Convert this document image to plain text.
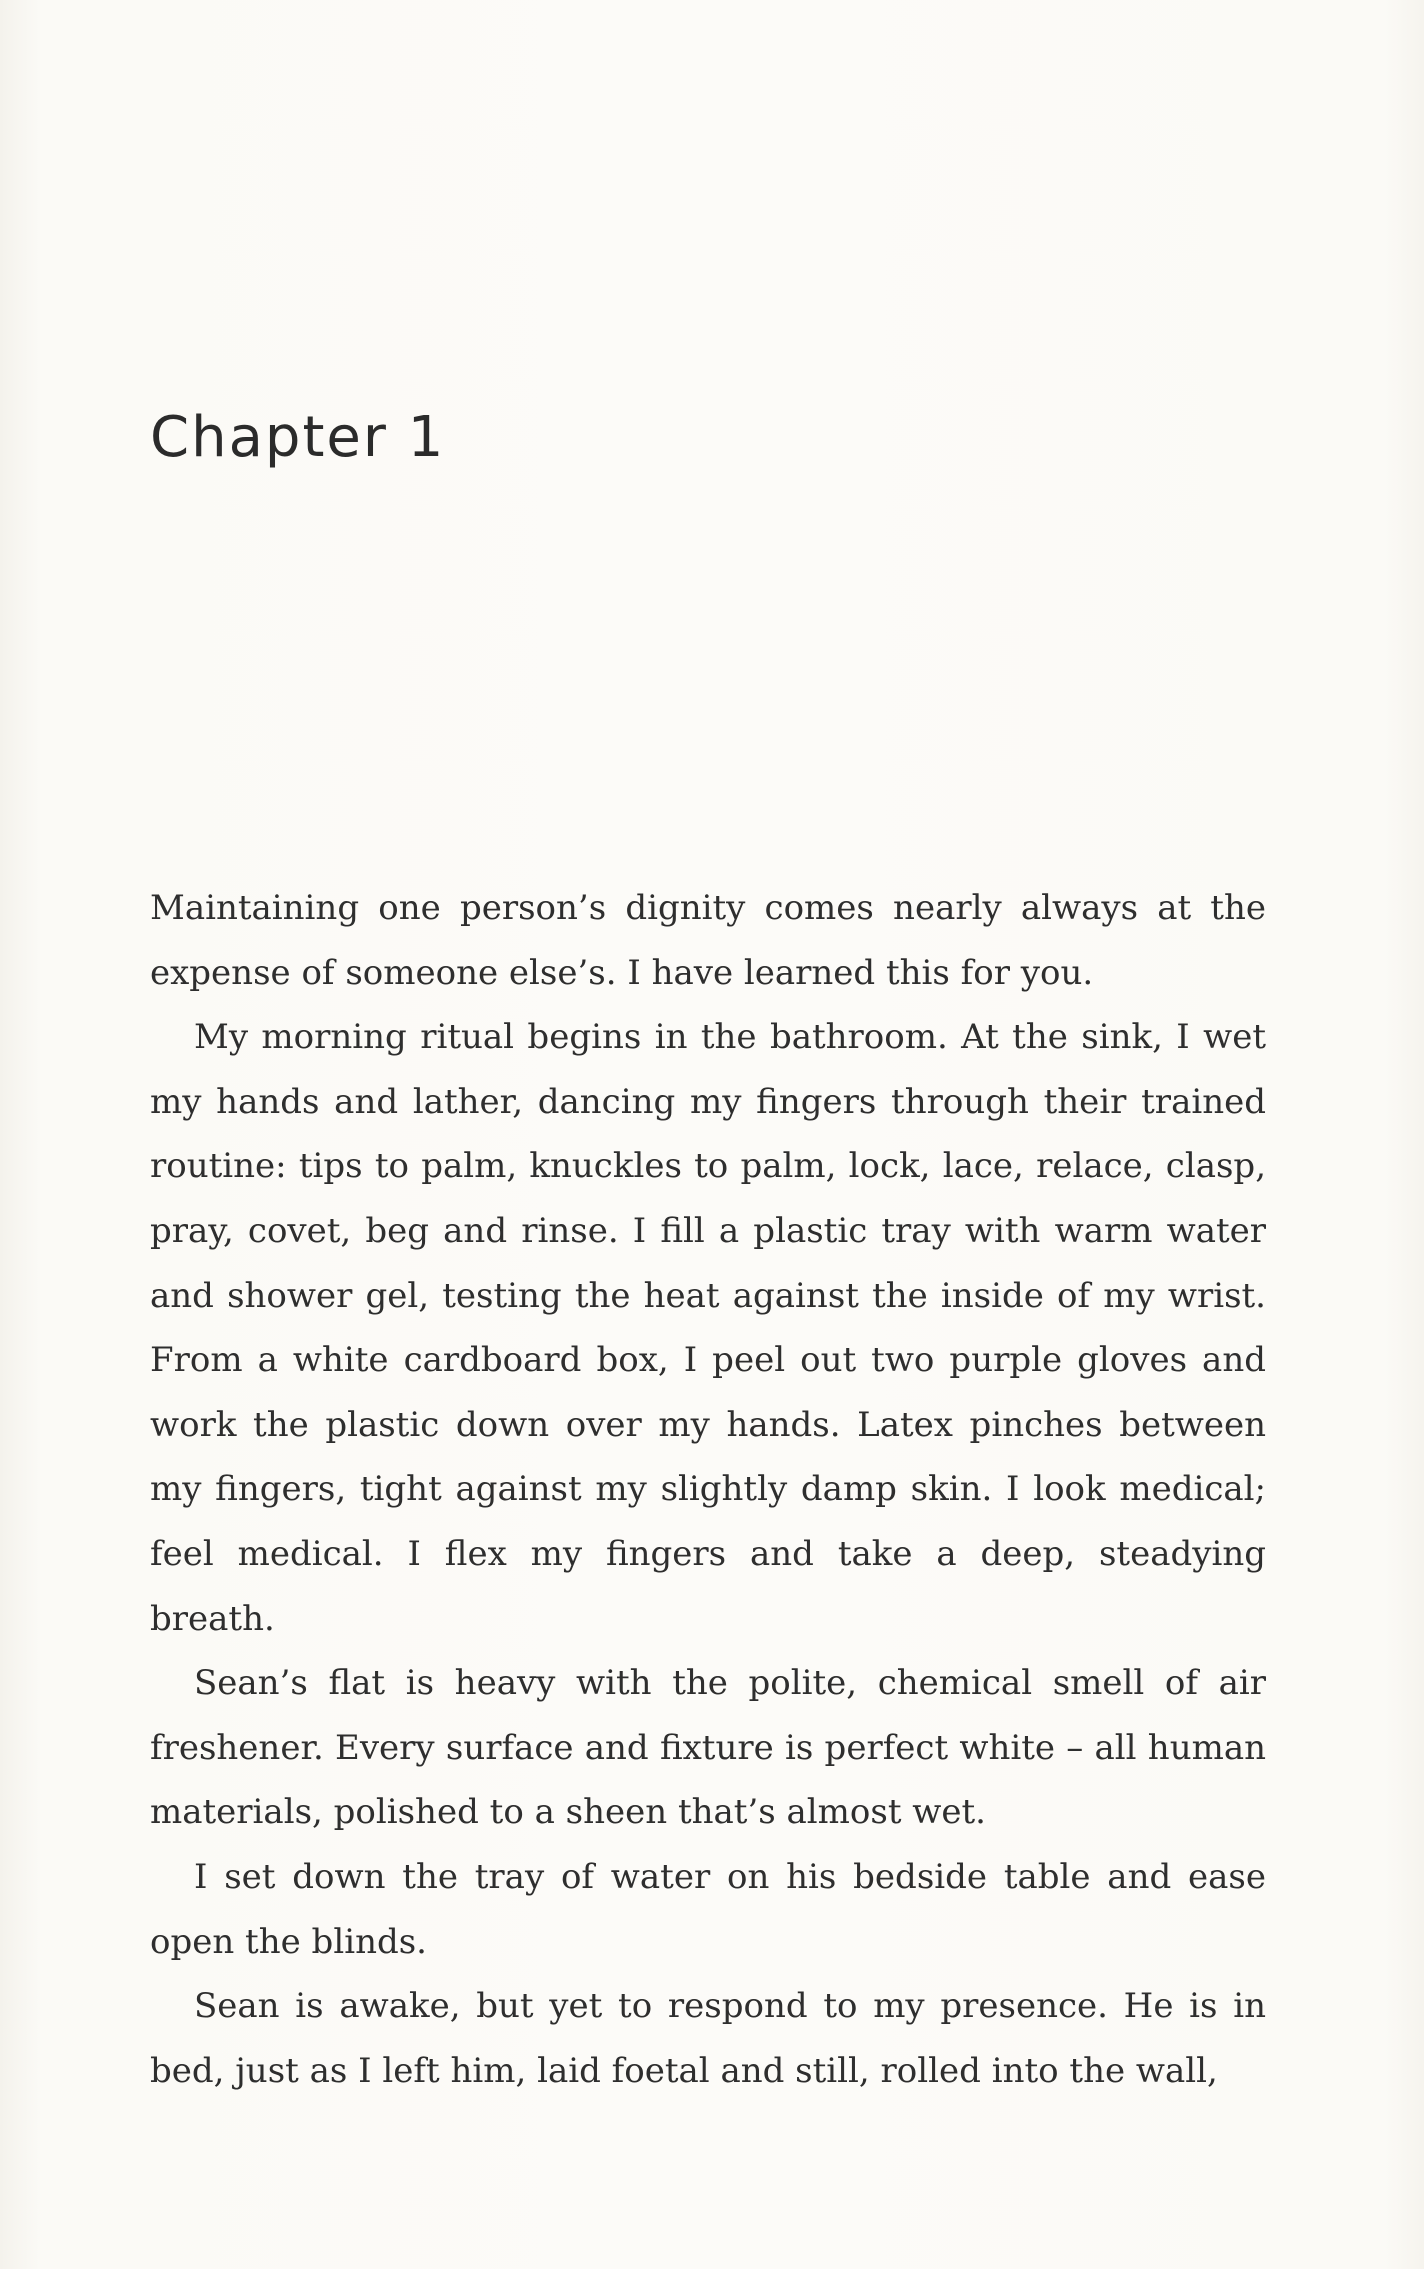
Chapter 1

Maintaining one person’s dignity comes nearly always at the expense of someone else’s. I have learned this for you.

My morning ritual begins in the bathroom. At the sink, I wet my hands and lather, dancing my fingers through their trained routine: tips to palm, knuckles to palm, lock, lace, relace, clasp, pray, covet, beg and rinse. I fill a plastic tray with warm water and shower gel, testing the heat against the inside of my wrist. From a white cardboard box, I peel out two purple gloves and work the plastic down over my hands. Latex pinches between my fingers, tight against my slightly damp skin. I look medical; feel medical. I flex my fingers and take a deep, steadying breath.

Sean’s flat is heavy with the polite, chemical smell of air freshener. Every surface and fixture is perfect white – all human materials, polished to a sheen that’s almost wet.

I set down the tray of water on his bedside table and ease open the blinds.

Sean is awake, but yet to respond to my presence. He is in bed, just as I left him, laid foetal and still, rolled into the wall,
